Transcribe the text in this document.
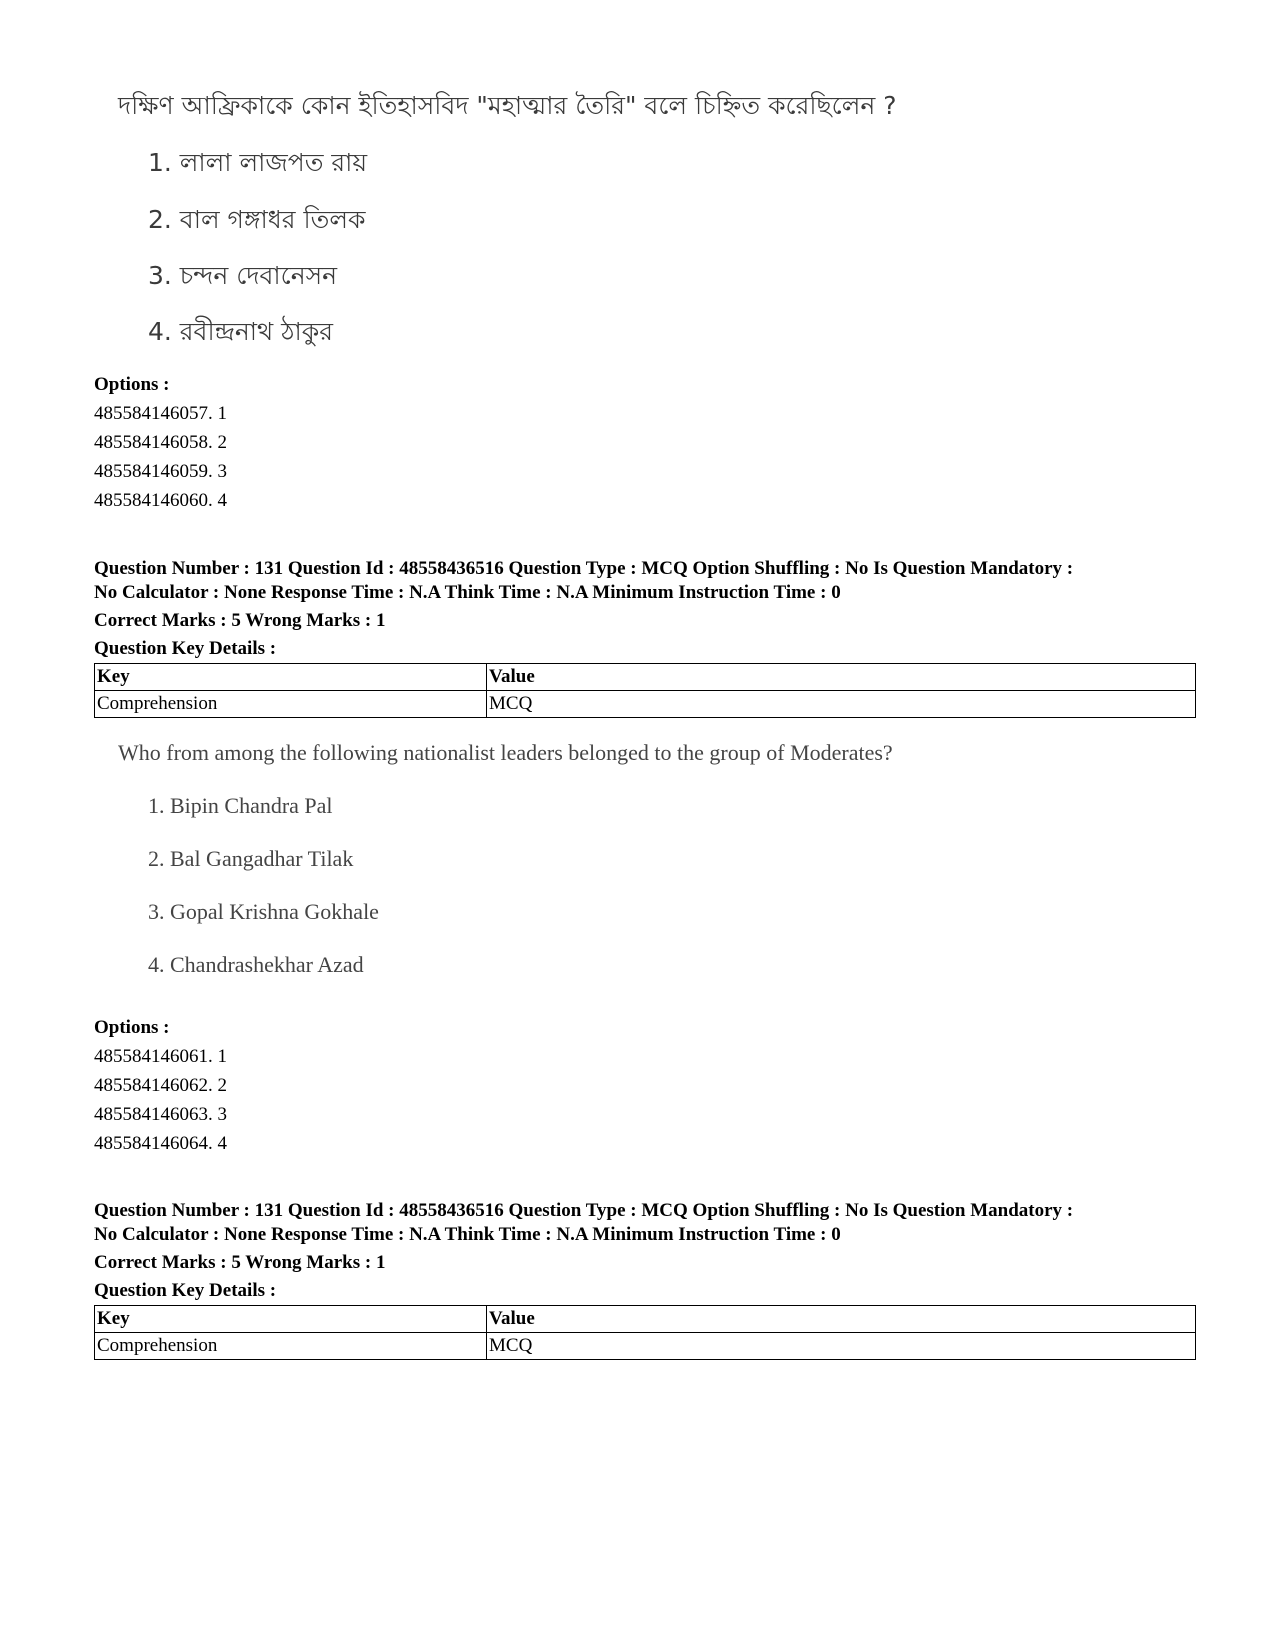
দক্ষিণ আফ্রিকাকে কোন ইতিহাসবিদ "মহাত্মার তৈরি" বলে চিহ্নিত করেছিলেন ?
1. লালা লাজপত রায়
2. বাল গঙ্গাধর তিলক
3. চন্দন দেবানেসন
4. রবীন্দ্রনাথ ঠাকুর
Options :
485584146057. 1
485584146058. 2
485584146059. 3
485584146060. 4
Question Number : 131 Question Id : 48558436516 Question Type : MCQ Option Shuffling : No Is Question Mandatory :
No Calculator : None Response Time : N.A Think Time : N.A Minimum Instruction Time : 0
Correct Marks : 5 Wrong Marks : 1
Question Key Details :
Key	Value
Comprehension	MCQ
Who from among the following nationalist leaders belonged to the group of Moderates?
1. Bipin Chandra Pal
2. Bal Gangadhar Tilak
3. Gopal Krishna Gokhale
4. Chandrashekhar Azad
Options :
485584146061. 1
485584146062. 2
485584146063. 3
485584146064. 4
Question Number : 131 Question Id : 48558436516 Question Type : MCQ Option Shuffling : No Is Question Mandatory :
No Calculator : None Response Time : N.A Think Time : N.A Minimum Instruction Time : 0
Correct Marks : 5 Wrong Marks : 1
Question Key Details :
Key	Value
Comprehension	MCQ
